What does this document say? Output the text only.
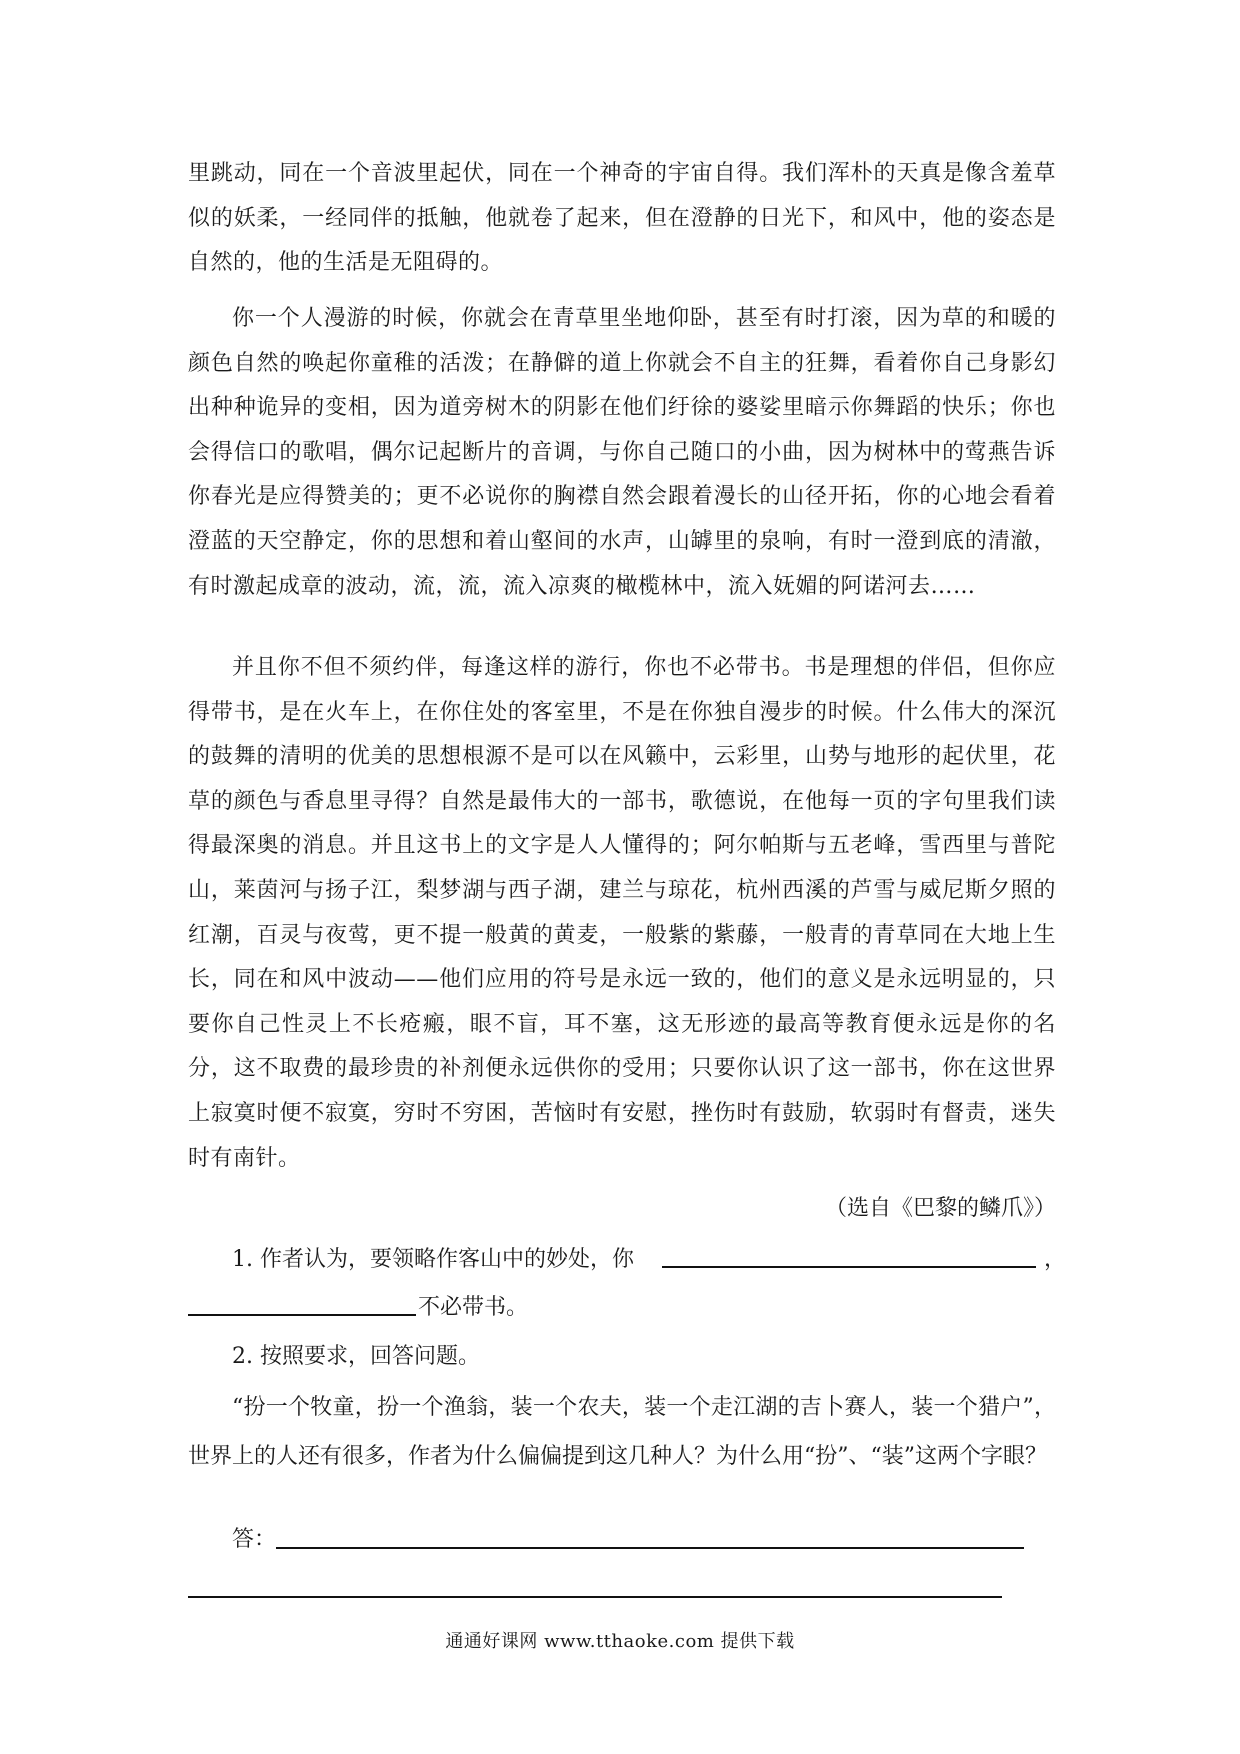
里跳动，同在一个音波里起伏，同在一个神奇的宇宙自得。我们浑朴的天真是像含羞草似的妖柔，一经同伴的抵触，他就卷了起来，但在澄静的日光下，和风中，他的姿态是自然的，他的生活是无阻碍的。

你一个人漫游的时候，你就会在青草里坐地仰卧，甚至有时打滚，因为草的和暖的颜色自然的唤起你童稚的活泼；在静僻的道上你就会不自主的狂舞，看着你自己身影幻出种种诡异的变相，因为道旁树木的阴影在他们纡徐的婆娑里暗示你舞蹈的快乐；你也会得信口的歌唱，偶尔记起断片的音调，与你自己随口的小曲，因为树林中的莺燕告诉你春光是应得赞美的；更不必说你的胸襟自然会跟着漫长的山径开拓，你的心地会看着澄蓝的天空静定，你的思想和着山壑间的水声，山罅里的泉响，有时一澄到底的清澈，有时激起成章的波动，流，流，流入凉爽的橄榄林中，流入妩媚的阿诺河去……

并且你不但不须约伴，每逢这样的游行，你也不必带书。书是理想的伴侣，但你应得带书，是在火车上，在你住处的客室里，不是在你独自漫步的时候。什么伟大的深沉的鼓舞的清明的优美的思想根源不是可以在风籁中，云彩里，山势与地形的起伏里，花草的颜色与香息里寻得？自然是最伟大的一部书，歌德说，在他每一页的字句里我们读得最深奥的消息。并且这书上的文字是人人懂得的；阿尔帕斯与五老峰，雪西里与普陀山，莱茵河与扬子江，梨梦湖与西子湖，建兰与琼花，杭州西溪的芦雪与威尼斯夕照的红潮，百灵与夜莺，更不提一般黄的黄麦，一般紫的紫藤，一般青的青草同在大地上生长，同在和风中波动——他们应用的符号是永远一致的，他们的意义是永远明显的，只要你自己性灵上不长疮瘢，眼不盲，耳不塞，这无形迹的最高等教育便永远是你的名分，这不取费的最珍贵的补剂便永远供你的受用；只要你认识了这一部书，你在这世界上寂寞时便不寂寞，穷时不穷困，苦恼时有安慰，挫伤时有鼓励，软弱时有督责，迷失时有南针。

（选自《巴黎的鳞爪》）
1. 作者认为，要领略作客山中的妙处，你	，
不必带书。
2. 按照要求，回答问题。

“扮一个牧童，扮一个渔翁，装一个农夫，装一个走江湖的吉卜赛人，装一个猎户”，世界上的人还有很多，作者为什么偏偏提到这几种人？为什么用“扮”、“装”这两个字眼？

答：
通通好课网 www.tthaoke.com 提供下载
